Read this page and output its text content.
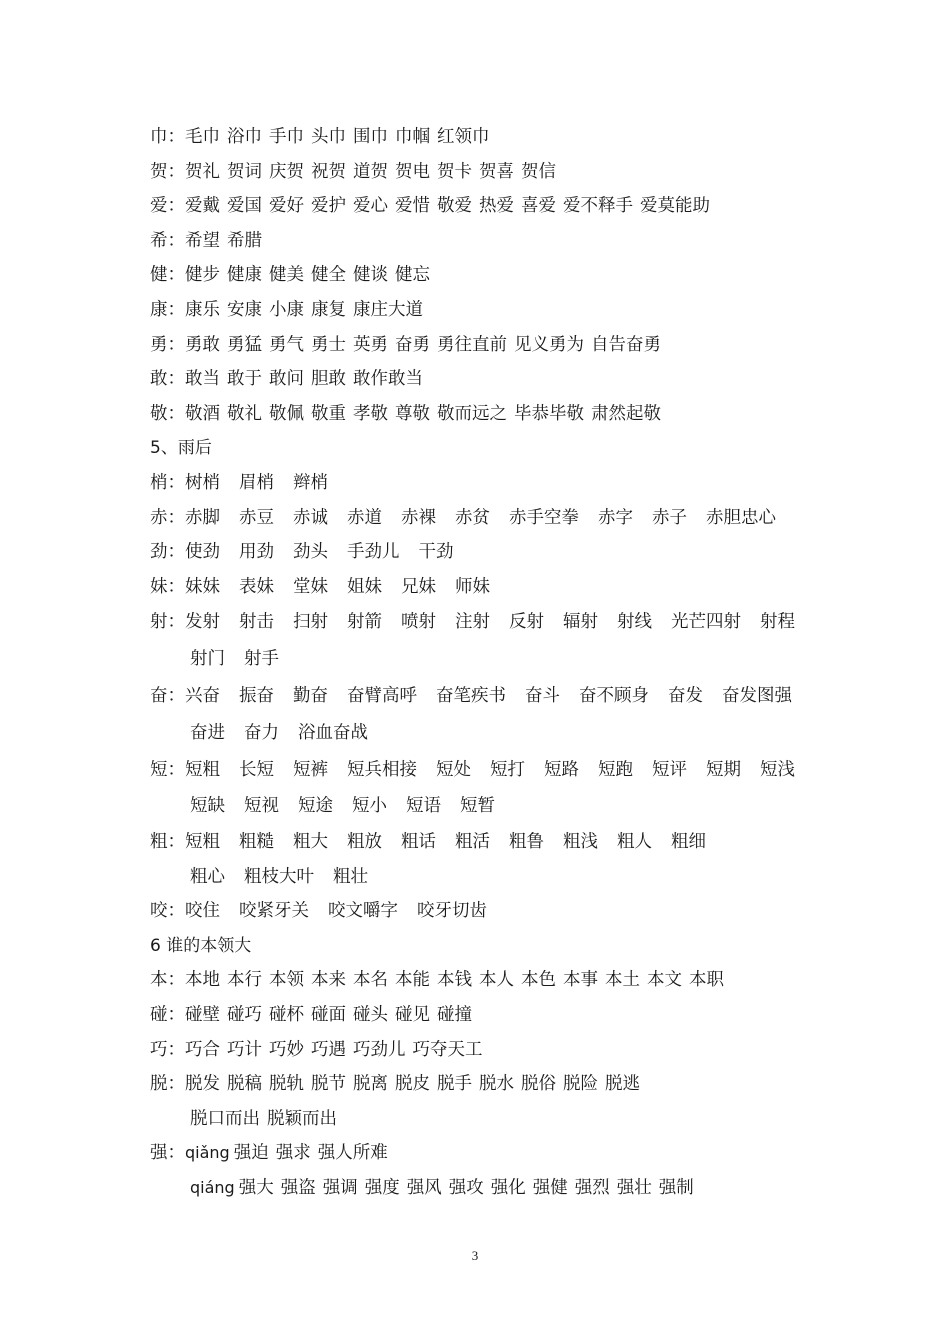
巾：毛巾 浴巾 手巾 头巾 围巾 巾帼 红领巾
贺：贺礼 贺词 庆贺 祝贺 道贺 贺电 贺卡 贺喜 贺信
爱：爱戴 爱国 爱好 爱护 爱心 爱惜 敬爱 热爱 喜爱 爱不释手 爱莫能助
希：希望 希腊
健：健步 健康 健美 健全 健谈 健忘
康：康乐 安康 小康 康复 康庄大道
勇：勇敢 勇猛 勇气 勇士 英勇 奋勇 勇往直前 见义勇为 自告奋勇
敢：敢当 敢于 敢问 胆敢 敢作敢当
敬：敬酒 敬礼 敬佩 敬重 孝敬 尊敬 敬而远之 毕恭毕敬 肃然起敬
5、雨后
梢：树梢 眉梢 辫梢
赤：赤脚 赤豆 赤诚 赤道 赤裸 赤贫 赤手空拳 赤字 赤子 赤胆忠心
劲：使劲 用劲 劲头 手劲儿 干劲
妹：妹妹 表妹 堂妹 姐妹 兄妹 师妹
射：发射 射击 扫射 射箭 喷射 注射 反射 辐射 射线 光芒四射 射程
射门 射手
奋：兴奋 振奋 勤奋 奋臂高呼 奋笔疾书 奋斗 奋不顾身 奋发 奋发图强
奋进 奋力 浴血奋战
短：短粗 长短 短裤 短兵相接 短处 短打 短路 短跑 短评 短期 短浅
短缺 短视 短途 短小 短语 短暂
粗：短粗 粗糙 粗大 粗放 粗话 粗活 粗鲁 粗浅 粗人 粗细
粗心 粗枝大叶 粗壮
咬：咬住 咬紧牙关 咬文嚼字 咬牙切齿
6 谁的本领大
本：本地 本行 本领 本来 本名 本能 本钱 本人 本色 本事 本土 本文 本职
碰：碰壁 碰巧 碰杯 碰面 碰头 碰见 碰撞
巧：巧合 巧计 巧妙 巧遇 巧劲儿 巧夺天工
脱：脱发 脱稿 脱轨 脱节 脱离 脱皮 脱手 脱水 脱俗 脱险 脱逃
脱口而出 脱颖而出
强：qiǎng 强迫 强求 强人所难
qiáng 强大 强盗 强调 强度 强风 强攻 强化 强健 强烈 强壮 强制
3
